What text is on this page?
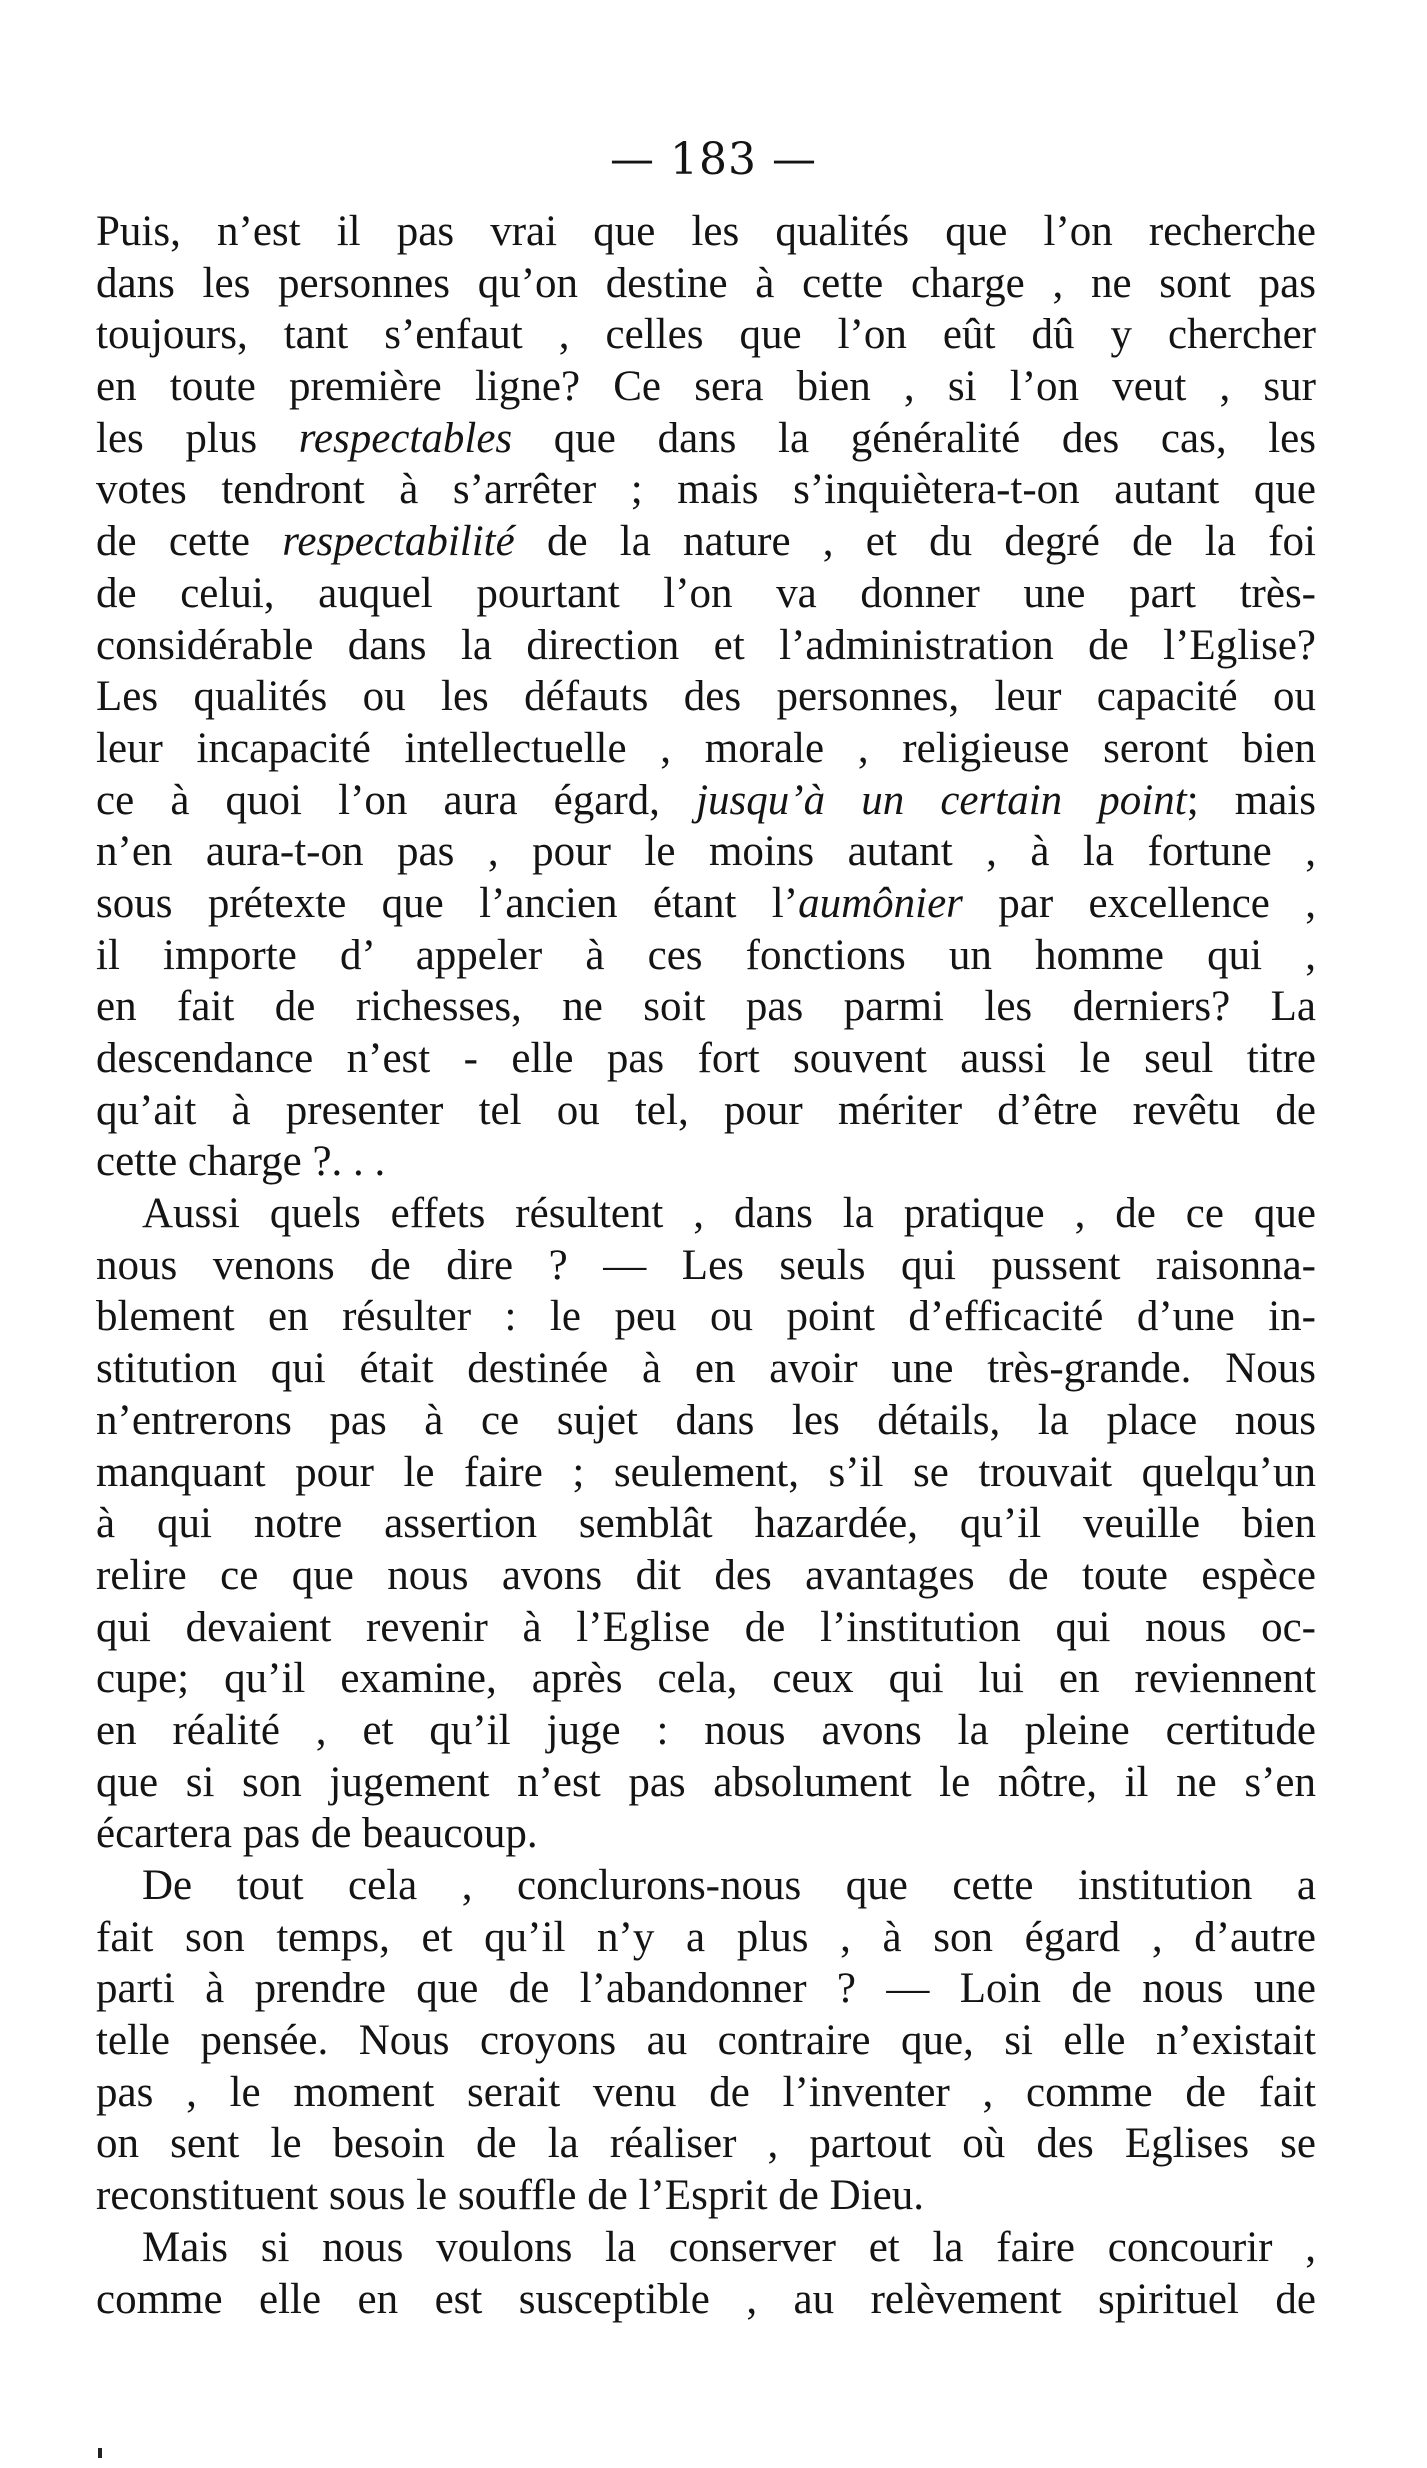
— 183 —
Puis, n’est il pas vrai que les qualités que l’on recherche
dans les personnes qu’on destine à cette charge , ne sont pas
toujours, tant s’enfaut , celles que l’on eût dû y chercher
en toute première ligne? Ce sera bien , si l’on veut , sur
les plus respectables que dans la généralité des cas, les
votes tendront à s’arrêter ; mais s’inquiètera-t-on autant que
de cette respectabilité de la nature , et du degré de la foi
de celui, auquel pourtant l’on va donner une part très-
considérable dans la direction et l’administration de l’Eglise?
Les qualités ou les défauts des personnes, leur capacité ou
leur incapacité intellectuelle , morale , religieuse seront bien
ce à quoi l’on aura égard, jusqu’à un certain point; mais
n’en aura-t-on pas , pour le moins autant , à la fortune ,
sous prétexte que l’ancien étant l’aumônier par excellence ,
il importe d’ appeler à ces fonctions un homme qui ,
en fait de richesses, ne soit pas parmi les derniers? La
descendance n’est - elle pas fort souvent aussi le seul titre
qu’ait à presenter tel ou tel, pour mériter d’être revêtu de
cette charge ?. . .
Aussi quels effets résultent , dans la pratique , de ce que
nous venons de dire ? — Les seuls qui pussent raisonna-
blement en résulter : le peu ou point d’efficacité d’une in-
stitution qui était destinée à en avoir une très-grande. Nous
n’entrerons pas à ce sujet dans les détails, la place nous
manquant pour le faire ; seulement, s’il se trouvait quelqu’un
à qui notre assertion semblât hazardée, qu’il veuille bien
relire ce que nous avons dit des avantages de toute espèce
qui devaient revenir à l’Eglise de l’institution qui nous oc-
cupe; qu’il examine, après cela, ceux qui lui en reviennent
en réalité , et qu’il juge : nous avons la pleine certitude
que si son jugement n’est pas absolument le nôtre, il ne s’en
écartera pas de beaucoup.
De tout cela , conclurons-nous que cette institution a
fait son temps, et qu’il n’y a plus , à son égard , d’autre
parti à prendre que de l’abandonner ? — Loin de nous une
telle pensée. Nous croyons au contraire que, si elle n’existait
pas , le moment serait venu de l’inventer , comme de fait
on sent le besoin de la réaliser , partout où des Eglises se
reconstituent sous le souffle de l’Esprit de Dieu.
Mais si nous voulons la conserver et la faire concourir ,
comme elle en est susceptible , au relèvement spirituel de
